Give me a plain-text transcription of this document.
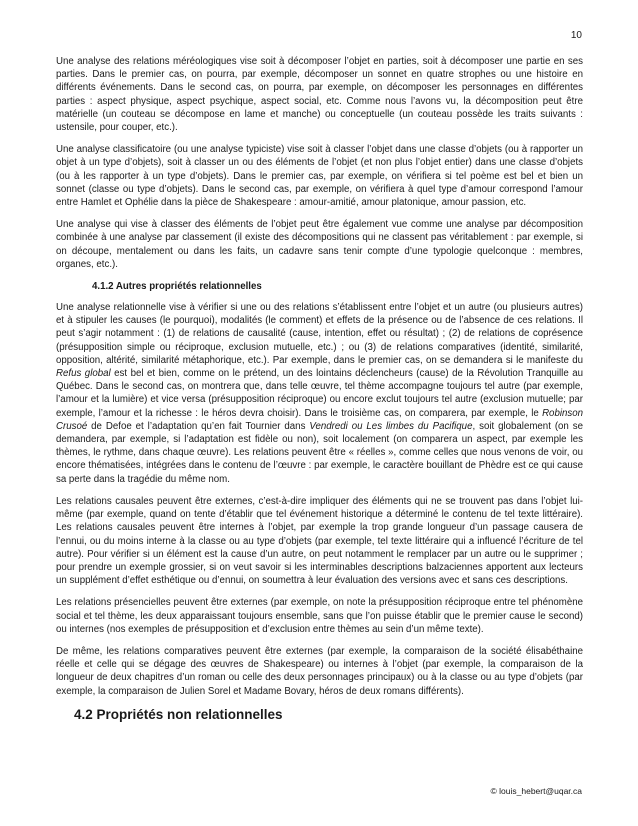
10

Une analyse des relations méréologiques vise soit à décomposer l’objet en parties, soit à décomposer une partie en ses parties. Dans le premier cas, on pourra, par exemple, décomposer un sonnet en quatre strophes ou une histoire en différents événements. Dans le second cas, on pourra, par exemple, on décomposer les personnages en différentes parties : aspect physique, aspect psychique, aspect social, etc. Comme nous l’avons vu, la décomposition peut être matérielle (un couteau se décompose en lame et manche) ou conceptuelle (un couteau possède les traits suivants : ustensile, pour couper, etc.).

Une analyse classificatoire (ou une analyse typiciste) vise soit à classer l’objet dans une classe d’objets (ou à rapporter un objet à un type d’objets), soit à classer un ou des éléments de l’objet (et non plus l’objet entier) dans une classe d’objets (ou à les rapporter à un type d’objets). Dans le premier cas, par exemple, on vérifiera si tel poème est bel et bien un sonnet (classe ou type d’objets). Dans le second cas, par exemple, on vérifiera à quel type d’amour correspond l’amour entre Hamlet et Ophélie dans la pièce de Shakespeare : amour-amitié, amour platonique, amour passion, etc.

Une analyse qui vise à classer des éléments de l’objet peut être également vue comme une analyse par décomposition combinée à une analyse par classement (il existe des décompositions qui ne classent pas véritablement : par exemple, si on découpe, mentalement ou dans les faits, un cadavre sans tenir compte d’une typologie quelconque : membres, organes, etc.).

4.1.2 Autres propriétés relationnelles

Une analyse relationnelle vise à vérifier si une ou des relations s’établissent entre l’objet et un autre (ou plusieurs autres) et à stipuler les causes (le pourquoi), modalités (le comment) et effets de la présence ou de l’absence de ces relations. Il peut s’agir notamment : (1) de relations de causalité (cause, intention, effet ou résultat) ; (2) de relations de coprésence (présupposition simple ou réciproque, exclusion mutuelle, etc.) ; ou (3) de relations comparatives (identité, similarité, opposition, altérité, similarité métaphorique, etc.). Par exemple, dans le premier cas, on se demandera si le manifeste du Refus global est bel et bien, comme on le prétend, un des lointains déclencheurs (cause) de la Révolution Tranquille au Québec. Dans le second cas, on montrera que, dans telle œuvre, tel thème accompagne toujours tel autre (par exemple, l’amour et la lumière) et vice versa (présupposition réciproque) ou encore exclut toujours tel autre (exclusion mutuelle; par exemple, l’amour et la richesse : le héros devra choisir). Dans le troisième cas, on comparera, par exemple, le Robinson Crusoé de Defoe et l’adaptation qu’en fait Tournier dans Vendredi ou Les limbes du Pacifique, soit globalement (on se demandera, par exemple, si l’adaptation est fidèle ou non), soit localement (on comparera un aspect, par exemple les thèmes, le rythme, dans chaque œuvre). Les relations peuvent être « réelles », comme celles que nous venons de voir, ou encore thématisées, intégrées dans le contenu de l’œuvre : par exemple, le caractère bouillant de Phèdre est ce qui cause sa perte dans la tragédie du même nom.

Les relations causales peuvent être externes, c’est-à-dire impliquer des éléments qui ne se trouvent pas dans l’objet lui-même (par exemple, quand on tente d’établir que tel événement historique a déterminé le contenu de tel texte littéraire). Les relations causales peuvent être internes à l’objet, par exemple la trop grande longueur d’un passage causera de l’ennui, ou du moins interne à la classe ou au type d’objets (par exemple, tel texte littéraire qui a influencé l’écriture de tel autre). Pour vérifier si un élément est la cause d’un autre, on peut notamment le remplacer par un autre ou le supprimer ; pour prendre un exemple grossier, si on veut savoir si les interminables descriptions balzaciennes apportent aux lecteurs un supplément d’effet esthétique ou d’ennui, on soumettra à leur évaluation des versions avec et sans ces descriptions.

Les relations présencielles peuvent être externes (par exemple, on note la présupposition réciproque entre tel phénomène social et tel thème, les deux apparaissant toujours ensemble, sans que l’on puisse établir que le premier cause le second) ou internes (nos exemples de présupposition et d’exclusion entre thèmes au sein d’un même texte).

De même, les relations comparatives peuvent être externes (par exemple, la comparaison de la société élisabéthaine réelle et celle qui se dégage des œuvres de Shakespeare) ou internes à l’objet (par exemple, la comparaison de la longueur de deux chapitres d’un roman ou celle des deux personnages principaux) ou à la classe ou au type d’objets (par exemple, la comparaison de Julien Sorel et Madame Bovary, héros de deux romans différents).

4.2 Propriétés non relationnelles
© louis_hebert@uqar.ca
